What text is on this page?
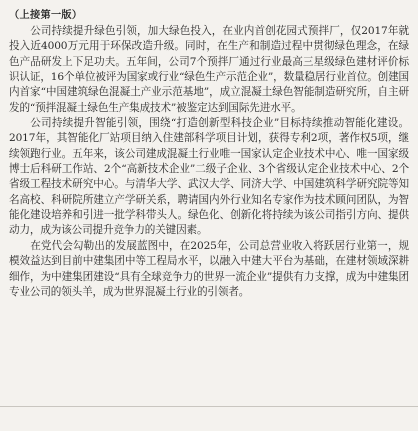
（上接第一版）

公司持续提升绿色引领，加大绿色投入，在业内首创花园式预拌厂，仅2017年就投入近4000万元用于环保改造升级。同时，在生产和制造过程中贯彻绿色理念，在绿色产品研发上下足功夫。五年间，公司7个预拌厂通过行业最高三星级绿色建材评价标识认证，16个单位被评为国家或行业“绿色生产示范企业”，数量稳居行业首位。创建国内首家“中国建筑绿色混凝土产业示范基地”，成立混凝土绿色智能制造研究所，自主研发的“预拌混凝土绿色生产集成技术”被鉴定达到国际先进水平。

公司持续提升智能引领，围绕“打造创新型科技企业”目标持续推动智能化建设。2017年，其智能化厂站项目纳入住建部科学项目计划，获得专利2项，著作权5项，继续领跑行业。五年来，该公司建成混凝土行业唯一国家认定企业技术中心、唯一国家级博士后科研工作站、2个“高新技术企业”二级子企业、3个省级认定企业技术中心、2个省级工程技术研究中心。与清华大学、武汉大学、同济大学、中国建筑科学研究院等知名高校、科研院所建立产学研关系，聘请国内外行业知名专家作为技术顾问团队，为智能化建设培养和引进一批学科带头人。绿色化、创新化将持续为该公司指引方向、提供动力，成为该公司提升竞争力的关键因素。

在党代会勾勒出的发展蓝图中，在2025年，公司总营业收入将跃居行业第一，规模效益达到目前中建集团中等工程局水平，以融入中建大平台为基础，在建材领域深耕细作，为中建集团建设“具有全球竞争力的世界一流企业”提供有力支撑，成为中建集团专业公司的领头羊，成为世界混凝土行业的引领者。
